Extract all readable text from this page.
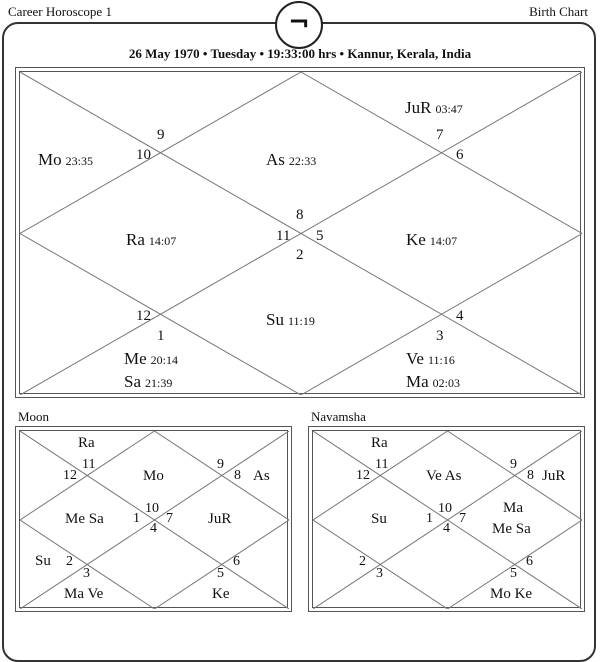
Career Horoscope 1	Birth Chart
¬
26 May 1970 • Tuesday • 19:33:00 hrs • Kannur, Kerala, India
9
10
7
6
8
11 5
2
12
1
4
3
Mo 23:35	As 22:33
JuR 03:47
Ra 14:07	Ke 14:07
Su 11:19
Me 20:14
Sa 21:39
Ve 11:16
Ma 02:03
Moon
11
12
9
8
10
1 7
4
2
3
6
5
Ra
Mo	As
Me Sa	JuR
Su
Ma Ve	Ke
Navamsha
11
12
9
8
10
1 7
4
2
3
6
5
Ra
Ve As	JuR
Su
Ma
Me Sa
Mo Ke
